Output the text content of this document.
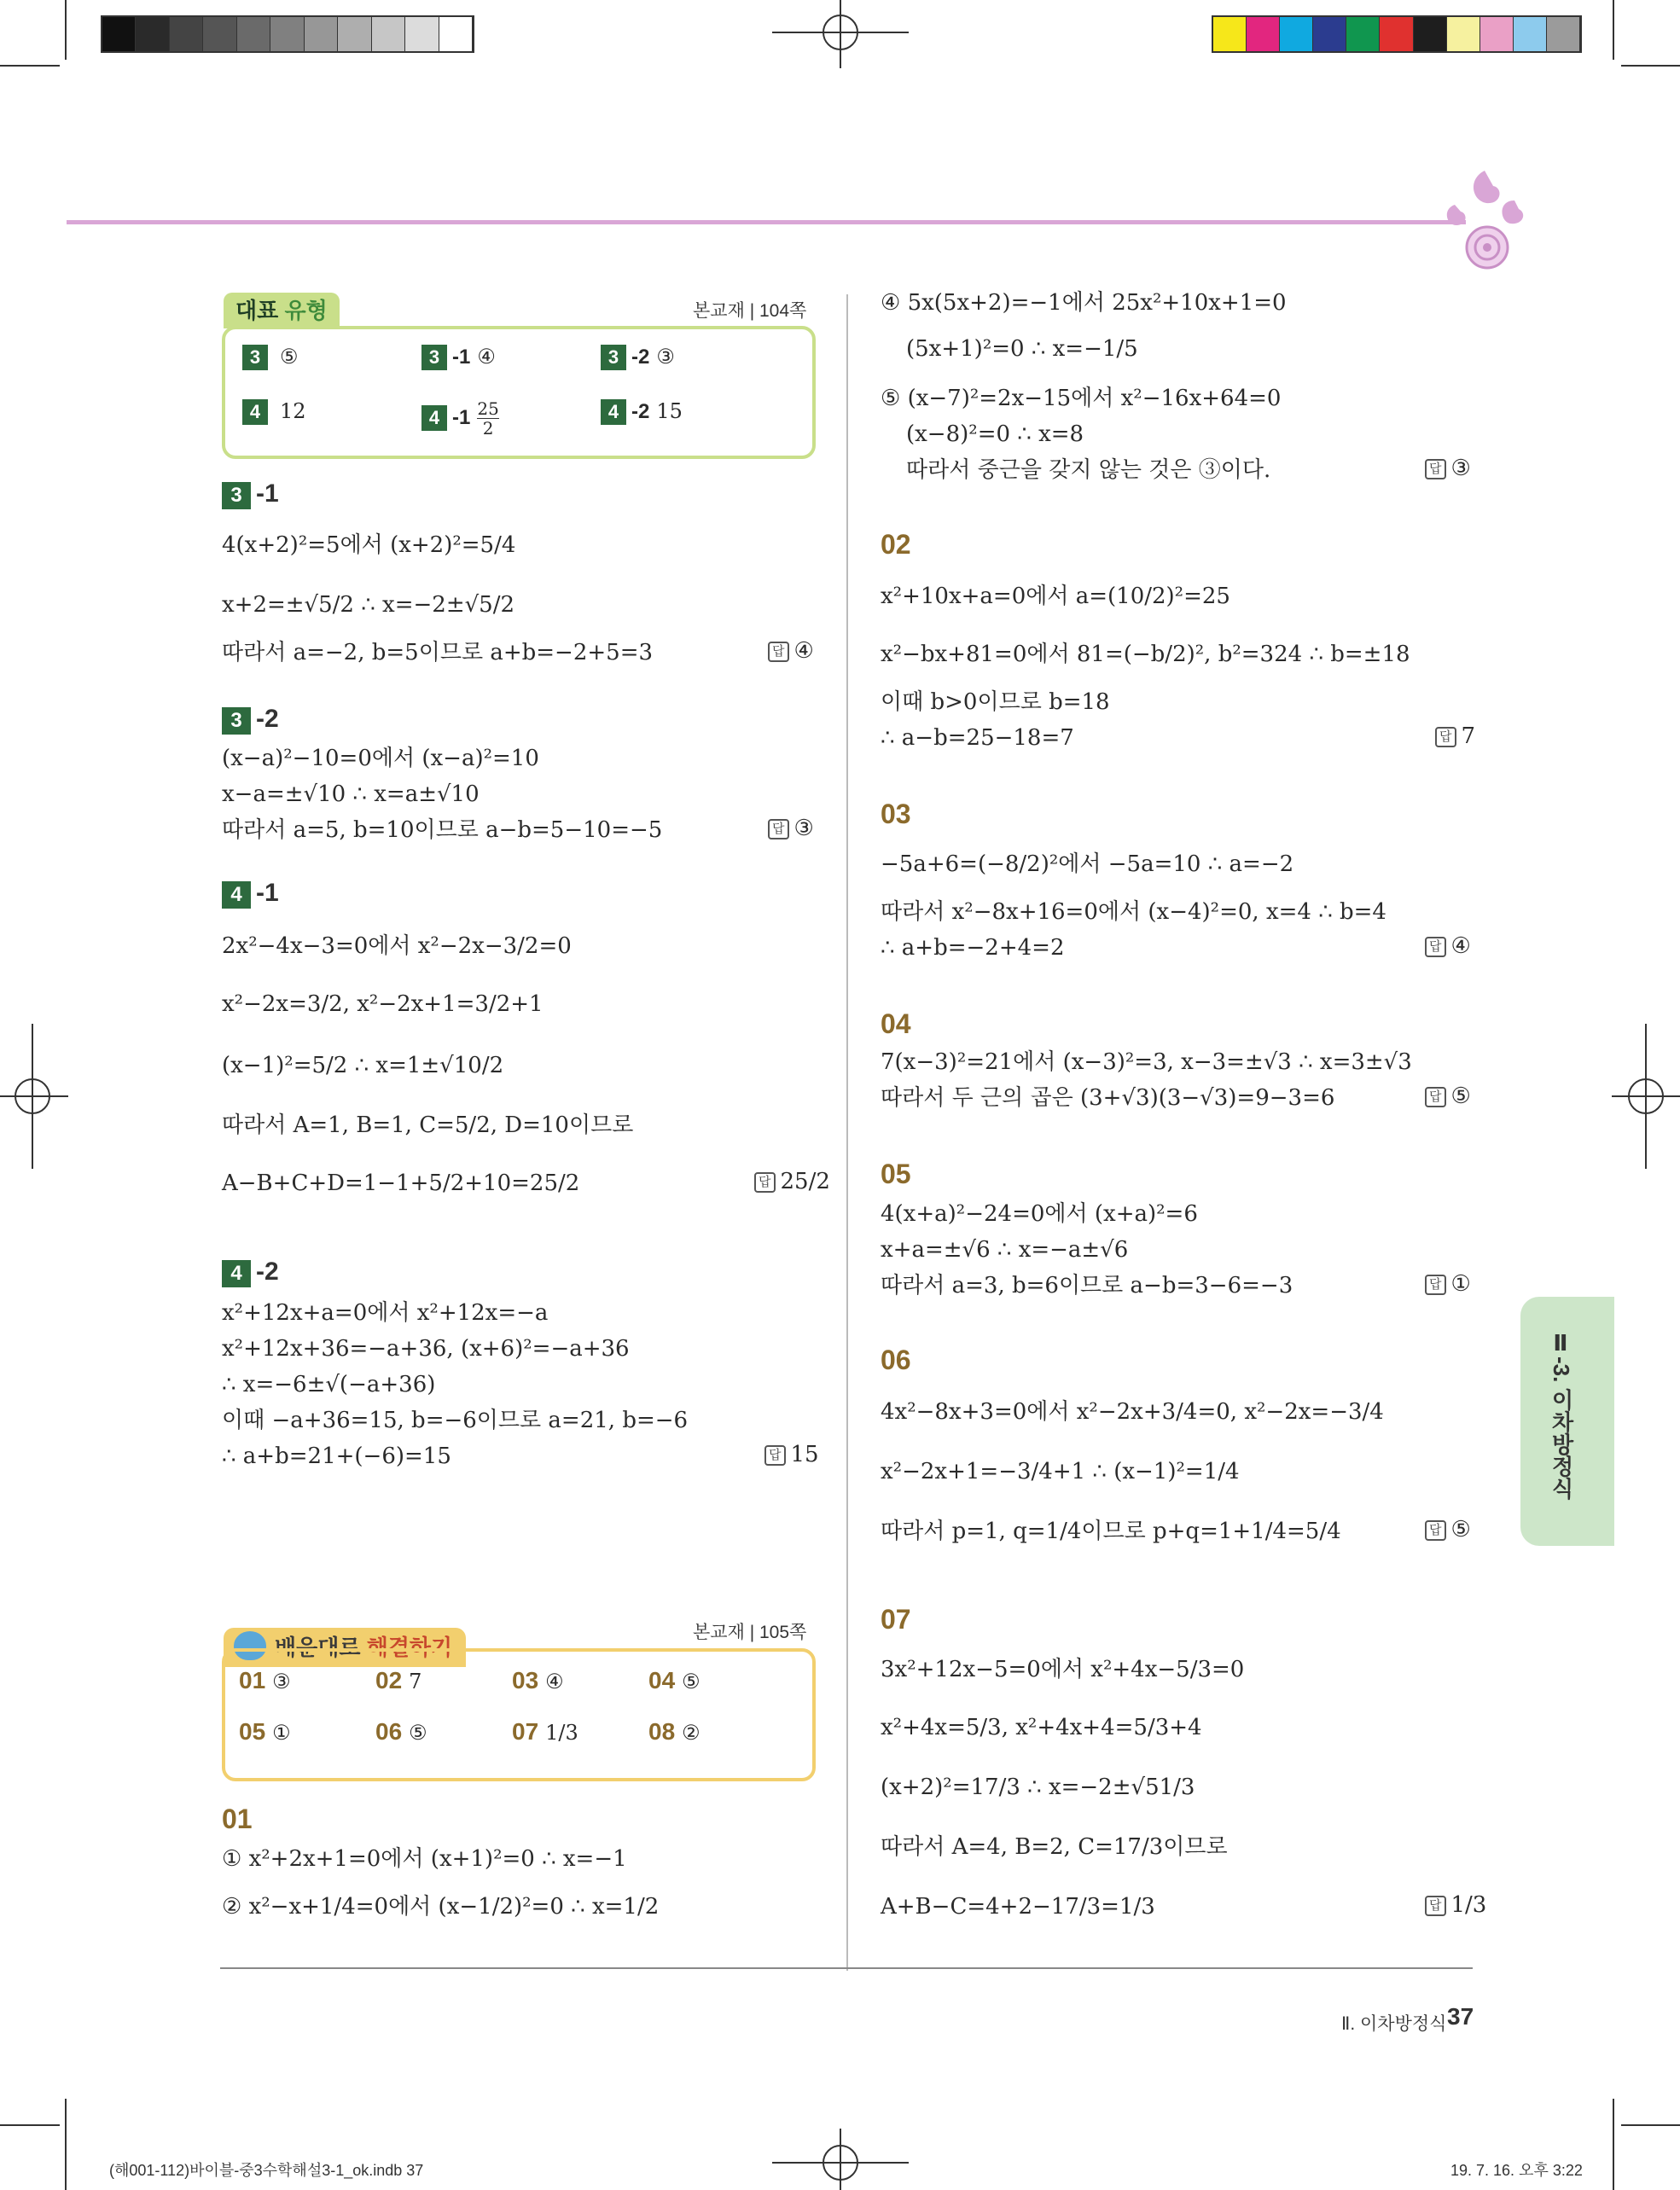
대표 유형	본교재 | 104쪽
3 ⑤	3 -1 ④	3 -2 ③
4 12	4 $-1 \frac{25}{2}$	4 -2 15
3 -1
4(x+2)²=5에서 (x+2)²=5/4
x+2=±√5/2 ∴ x=−2±√5/2
따라서 a=−2, b=5이므로 a+b=−2+5=3	답 ④
3 -2
(x−a)²−10=0에서 (x−a)²=10
x−a=±√10 ∴ x=a±√10
따라서 a=5, b=10이므로 a−b=5−10=−5	답 ③
4 -1
2x²−4x−3=0에서 x²−2x−3/2=0
x²−2x=3/2, x²−2x+1=3/2+1
(x−1)²=5/2 ∴ x=1±√10/2
따라서 A=1, B=1, C=5/2, D=10이므로
A−B+C+D=1−1+5/2+10=25/2	답 25/2
4 -2
x²+12x+a=0에서 x²+12x=−a
x²+12x+36=−a+36, (x+6)²=−a+36
∴ x=−6±√(−a+36)
이때 −a+36=15, b=−6이므로 a=21, b=−6
∴ a+b=21+(−6)=15	답 15
배운대로 해결하기
본교재 | 105쪽
01 ③	02 7	03 ④	04 ⑤
05 ①	06 ⑤	07 1/3	08 ②
01
① x²+2x+1=0에서 (x+1)²=0 ∴ x=−1
② x²−x+1/4=0에서 (x−1/2)²=0 ∴ x=1/2
④ 5x(5x+2)=−1에서 25x²+10x+1=0
(5x+1)²=0 ∴ x=−1/5
⑤ (x−7)²=2x−15에서 x²−16x+64=0
(x−8)²=0 ∴ x=8
따라서 중근을 갖지 않는 것은 ③이다.	답 ③
02
x²+10x+a=0에서 a=(10/2)²=25
x²−bx+81=0에서 81=(−b/2)², b²=324 ∴ b=±18
이때 b>0이므로 b=18
∴ a−b=25−18=7	답 7
03
−5a+6=(−8/2)²에서 −5a=10 ∴ a=−2
따라서 x²−8x+16=0에서 (x−4)²=0, x=4 ∴ b=4
∴ a+b=−2+4=2	답 ④
04
7(x−3)²=21에서 (x−3)²=3, x−3=±√3 ∴ x=3±√3
따라서 두 근의 곱은 (3+√3)(3−√3)=9−3=6	답 ⑤
05
4(x+a)²−24=0에서 (x+a)²=6
x+a=±√6 ∴ x=−a±√6
따라서 a=3, b=6이므로 a−b=3−6=−3	답 ①
06
4x²−8x+3=0에서 x²−2x+3/4=0, x²−2x=−3/4
x²−2x+1=−3/4+1 ∴ (x−1)²=1/4
따라서 p=1, q=1/4이므로 p+q=1+1/4=5/4	답 ⑤
07
3x²+12x−5=0에서 x²+4x−5/3=0
x²+4x=5/3, x²+4x+4=5/3+4
(x+2)²=17/3 ∴ x=−2±√51/3
따라서 A=4, B=2, C=17/3이므로
A+B−C=4+2−17/3=1/3	답 1/3
Ⅱ-3. 이차방정식
Ⅱ. 이차방정식 37
(해001-112)바이블-중3수학해설3-1_ok.indb 37	19. 7. 16. 오후 3:22
